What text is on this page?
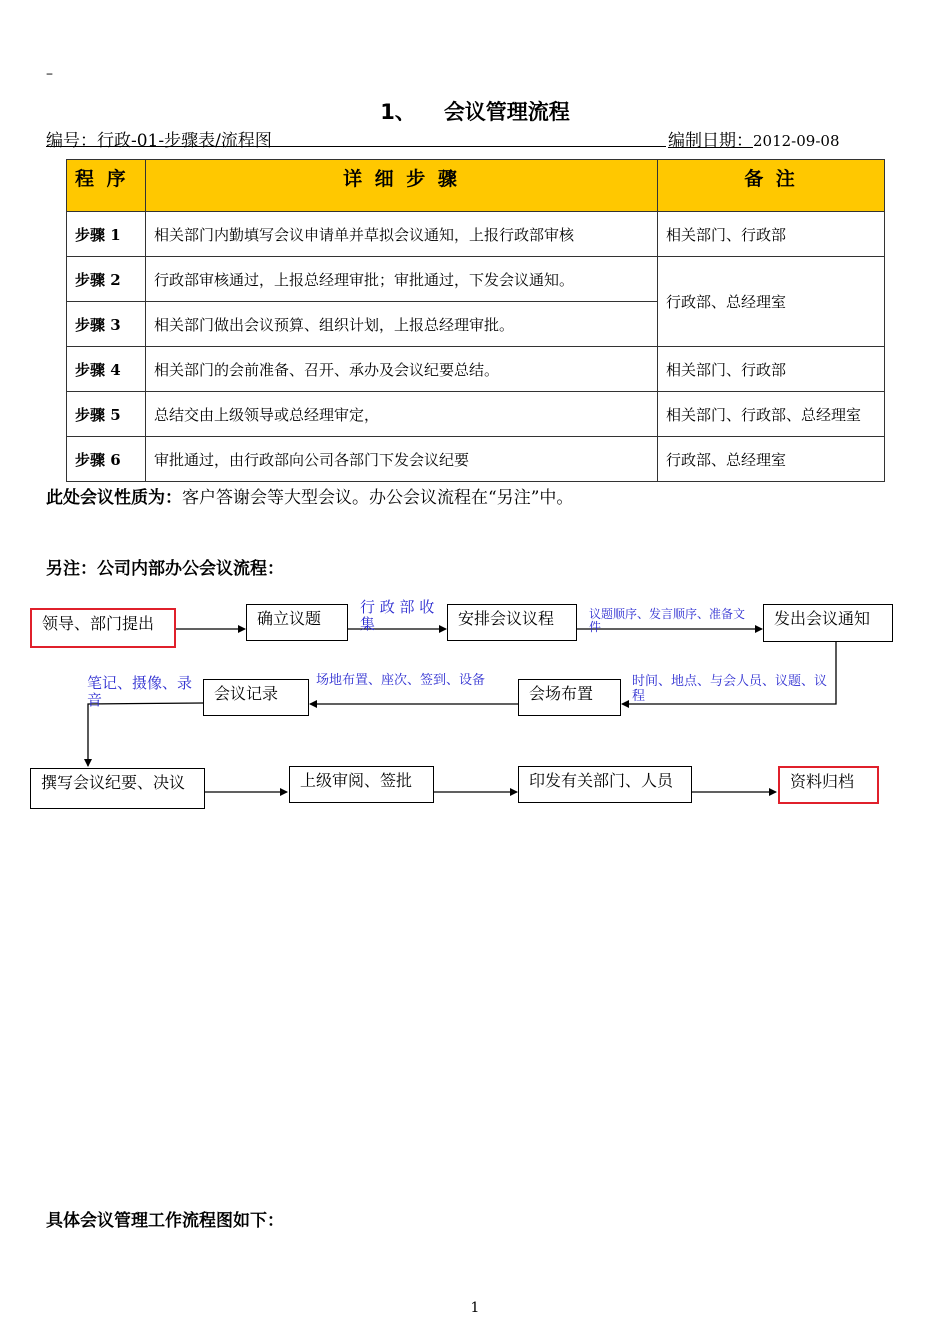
–
1、 会议管理流程
编号：行政-01-步骤表/流程图	编制日期：2012-09-08
程 序	详 细 步 骤	备 注
步骤 1	相关部门内勤填写会议申请单并草拟会议通知，上报行政部审核	相关部门、行政部
步骤 2	行政部审核通过，上报总经理审批；审批通过，下发会议通知。	行政部、总经理室
步骤 3	相关部门做出会议预算、组织计划，上报总经理审批。	
步骤 4	相关部门的会前准备、召开、承办及会议纪要总结。	相关部门、行政部
步骤 5	总结交由上级领导或总经理审定，	相关部门、行政部、总经理室
步骤 6	审批通过，由行政部向公司各部门下发会议纪要	行政部、总经理室
此处会议性质为：客户答谢会等大型会议。办公会议流程在“另注”中。
另注：公司内部办公会议流程：
领导、部门提出	确立议题	安排会议议程	发出会议通知
会议记录	会场布置
撰写会议纪要、决议	上级审阅、签批	印发有关部门、人员	资料归档
行 政 部 收
集
议题顺序、发言顺序、准备文
件
时间、地点、与会人员、议题、议
程
场地布置、座次、签到、设备
笔记、摄像、录
音
具体会议管理工作流程图如下：
1
